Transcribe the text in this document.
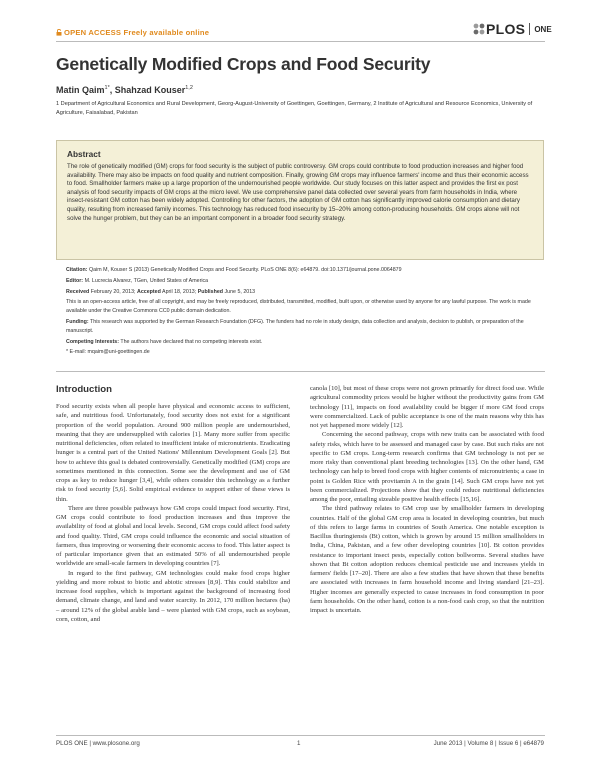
OPEN ACCESS Freely available online	PLOS ONE
Genetically Modified Crops and Food Security
Matin Qaim$^{1*}$, Shahzad Kouser$^{1,2}$
1 Department of Agricultural Economics and Rural Development, Georg-August-University of Goettingen, Goettingen, Germany, 2 Institute of Agricultural and Resource Economics, University of Agriculture, Faisalabad, Pakistan
Abstract
The role of genetically modified (GM) crops for food security is the subject of public controversy. GM crops could contribute to food production increases and higher food availability. There may also be impacts on food quality and nutrient composition. Finally, growing GM crops may influence farmers' income and thus their economic access to food. Smallholder farmers make up a large proportion of the undernourished people worldwide. Our study focuses on this latter aspect and provides the first ex post analysis of food security impacts of GM crops at the micro level. We use comprehensive panel data collected over several years from farm households in India, where insect-resistant GM cotton has been widely adopted. Controlling for other factors, the adoption of GM cotton has significantly improved calorie consumption and dietary quality, resulting from increased family incomes. This technology has reduced food insecurity by 15–20% among cotton-producing households. GM crops alone will not solve the hunger problem, but they can be an important component in a broader food security strategy.
Citation: Qaim M, Kouser S (2013) Genetically Modified Crops and Food Security. PLoS ONE 8(6): e64879. doi:10.1371/journal.pone.0064879
Editor: M. Lucrecia Alvarez, TGen, United States of America
Received February 20, 2013; Accepted April 18, 2013; Published June 5, 2013
This is an open-access article, free of all copyright, and may be freely reproduced, distributed, transmitted, modified, built upon, or otherwise used by anyone for any lawful purpose. The work is made available under the Creative Commons CC0 public domain dedication.
Funding: This research was supported by the German Research Foundation (DFG). The funders had no role in study design, data collection and analysis, decision to publish, or preparation of the manuscript.
Competing Interests: The authors have declared that no competing interests exist.
* E-mail: mqaim@uni-goettingen.de
Introduction

Food security exists when all people have physical and economic access to sufficient, safe, and nutritious food. Unfortunately, food security does not exist for a significant proportion of the world population. Around 900 million people are undernourished, meaning that they are undersupplied with calories [1]. Many more suffer from specific nutritional deficiencies, often related to insufficient intake of micronutrients. Eradicating hunger is a central part of the United Nations' Millennium Development Goals [2]. But how to achieve this goal is debated controversially. Genetically modified (GM) crops are sometimes mentioned in this connection. Some see the development and use of GM crops as key to reduce hunger [3,4], while others consider this technology as a further risk to food security [5,6]. Solid empirical evidence to support either of these views is thin.

There are three possible pathways how GM crops could impact food security. First, GM crops could contribute to food production increases and thus improve the availability of food at global and local levels. Second, GM crops could affect food safety and food quality. Third, GM crops could influence the economic and social situation of farmers, thus improving or worsening their economic access to food. This latter aspect is of particular importance given that an estimated 50% of all undernourished people worldwide are small-scale farmers in developing countries [7].

In regard to the first pathway, GM technologies could make food crops higher yielding and more robust to biotic and abiotic stresses [8,9]. This could stabilize and increase food supplies, which is important against the background of increasing food demand, climate change, and land and water scarcity. In 2012, 170 million hectares (ha) – around 12% of the global arable land – were planted with GM crops, such as soybean, corn, cotton, and

canola [10], but most of these crops were not grown primarily for direct food use. While agricultural commodity prices would be higher without the productivity gains from GM technology [11], impacts on food availability could be bigger if more GM food crops were commercialized. Lack of public acceptance is one of the main reasons why this has not yet happened more widely [12].

Concerning the second pathway, crops with new traits can be associated with food safety risks, which have to be assessed and managed case by case. But such risks are not specific to GM crops. Long-term research confirms that GM technology is not per se more risky than conventional plant breeding technologies [13]. On the other hand, GM technology can help to breed food crops with higher contents of micronutrients; a case in point is Golden Rice with provitamin A in the grain [14]. Such GM crops have not yet been commercialized. Projections show that they could reduce nutritional deficiencies among the poor, entailing sizeable positive health effects [15,16].

The third pathway relates to GM crop use by smallholder farmers in developing countries. Half of the global GM crop area is located in developing countries, but much of this refers to large farms in countries of South America. One notable exception is Bacillus thuringiensis (Bt) cotton, which is grown by around 15 million smallholders in India, China, Pakistan, and a few other developing countries [10]. Bt cotton provides resistance to important insect pests, especially cotton bollworms. Several studies have shown that Bt cotton adoption reduces chemical pesticide use and increases yields in farmers' fields [17–20]. There are also a few studies that have shown that these benefits are associated with increases in farm household income and living standard [21–23]. Higher incomes are generally expected to cause increases in food consumption in poor farm households. On the other hand, cotton is a non-food cash crop, so that the nutrition impact is uncertain.

PLOS ONE | www.plosone.org	1	June 2013 | Volume 8 | Issue 6 | e64879
